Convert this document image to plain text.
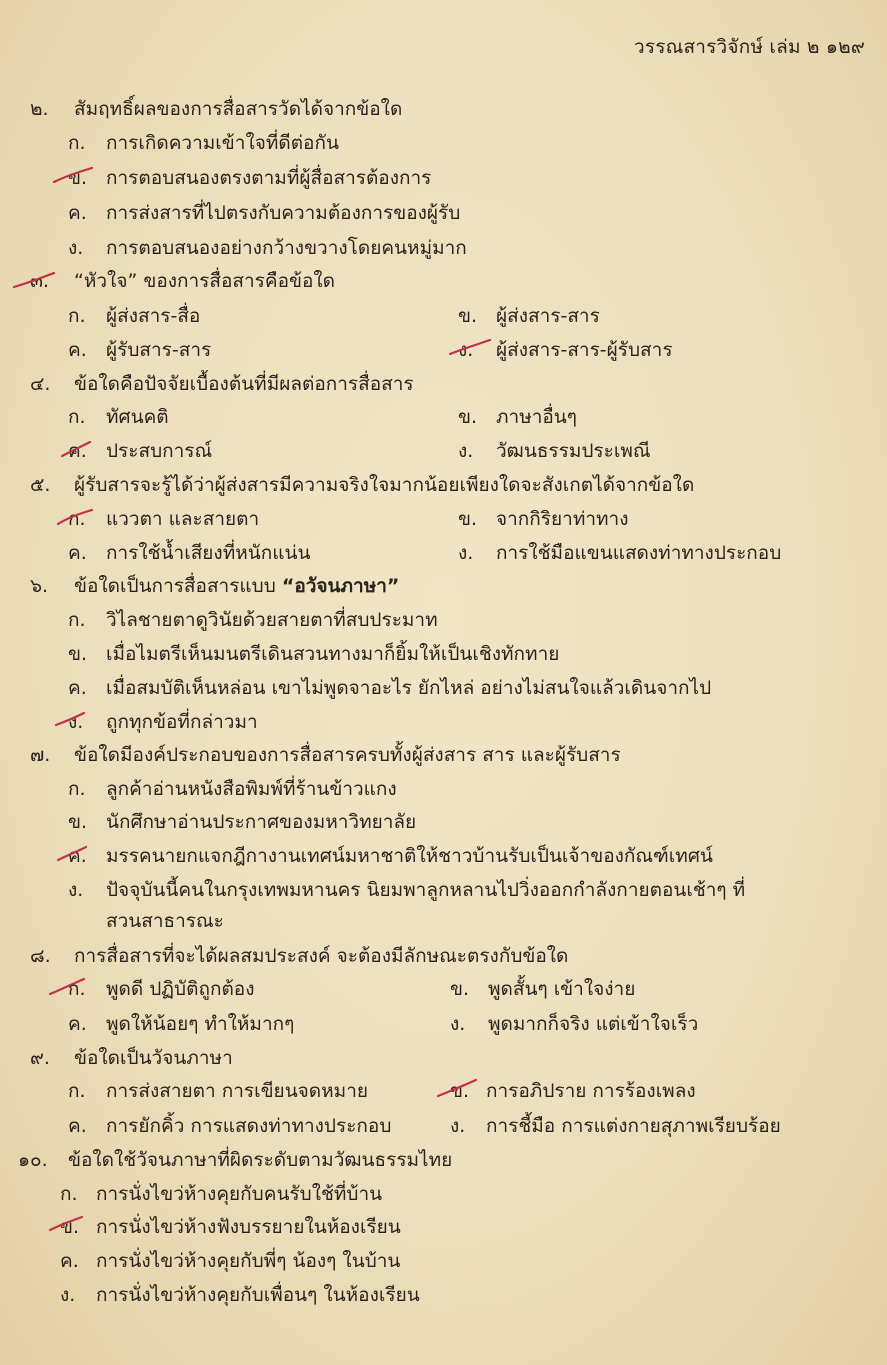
วรรณสารวิจักษ์ เล่ม ๒ ๑๒๙
๒. สัมฤทธิ์ผลของการสื่อสารวัดได้จากข้อใด
ก. การเกิดความเข้าใจที่ดีต่อกัน
ข. การตอบสนองตรงตามที่ผู้สื่อสารต้องการ
ค. การส่งสารที่ไปตรงกับความต้องการของผู้รับ
ง. การตอบสนองอย่างกว้างขวางโดยคนหมู่มาก
๓. “หัวใจ” ของการสื่อสารคือข้อใด
ก. ผู้ส่งสาร-สื่อ	ข. ผู้ส่งสาร-สาร
ค. ผู้รับสาร-สาร	ง. ผู้ส่งสาร-สาร-ผู้รับสาร
๔. ข้อใดคือปัจจัยเบื้องต้นที่มีผลต่อการสื่อสาร
ก. ทัศนคติ	ข. ภาษาอื่นๆ
ค. ประสบการณ์	ง. วัฒนธรรมประเพณี
๕. ผู้รับสารจะรู้ได้ว่าผู้ส่งสารมีความจริงใจมากน้อยเพียงใดจะสังเกตได้จากข้อใด
ก. แววตา และสายตา	ข. จากกิริยาท่าทาง
ค. การใช้น้ำเสียงที่หนักแน่น	ง. การใช้มือแขนแสดงท่าทางประกอบ
๖. ข้อใดเป็นการสื่อสารแบบ “อวัจนภาษา”
ก. วิไลชายตาดูวินัยด้วยสายตาที่สบประมาท
ข. เมื่อไมตรีเห็นมนตรีเดินสวนทางมาก็ยิ้มให้เป็นเชิงทักทาย
ค. เมื่อสมบัติเห็นหล่อน เขาไม่พูดจาอะไร ยักไหล่ อย่างไม่สนใจแล้วเดินจากไป
ง. ถูกทุกข้อที่กล่าวมา
๗. ข้อใดมีองค์ประกอบของการสื่อสารครบทั้งผู้ส่งสาร สาร และผู้รับสาร
ก. ลูกค้าอ่านหนังสือพิมพ์ที่ร้านข้าวแกง
ข. นักศึกษาอ่านประกาศของมหาวิทยาลัย
ค. มรรคนายกแจกฎีกางานเทศน์มหาชาติให้ชาวบ้านรับเป็นเจ้าของกัณฑ์เทศน์
ง. ปัจจุบันนี้คนในกรุงเทพมหานคร นิยมพาลูกหลานไปวิ่งออกกำลังกายตอนเช้าๆ ที่
สวนสาธารณะ
๘. การสื่อสารที่จะได้ผลสมประสงค์ จะต้องมีลักษณะตรงกับข้อใด
ก. พูดดี ปฏิบัติถูกต้อง	ข. พูดสั้นๆ เข้าใจง่าย
ค. พูดให้น้อยๆ ทำให้มากๆ	ง. พูดมากก็จริง แต่เข้าใจเร็ว
๙. ข้อใดเป็นวัจนภาษา
ก. การส่งสายตา การเขียนจดหมาย	ข. การอภิปราย การร้องเพลง
ค. การยักคิ้ว การแสดงท่าทางประกอบ	ง. การชี้มือ การแต่งกายสุภาพเรียบร้อย
๑๐. ข้อใดใช้วัจนภาษาที่ผิดระดับตามวัฒนธรรมไทย
ก. การนั่งไขว่ห้างคุยกับคนรับใช้ที่บ้าน
ข. การนั่งไขว่ห้างฟังบรรยายในห้องเรียน
ค. การนั่งไขว่ห้างคุยกับพี่ๆ น้องๆ ในบ้าน
ง. การนั่งไขว่ห้างคุยกับเพื่อนๆ ในห้องเรียน
